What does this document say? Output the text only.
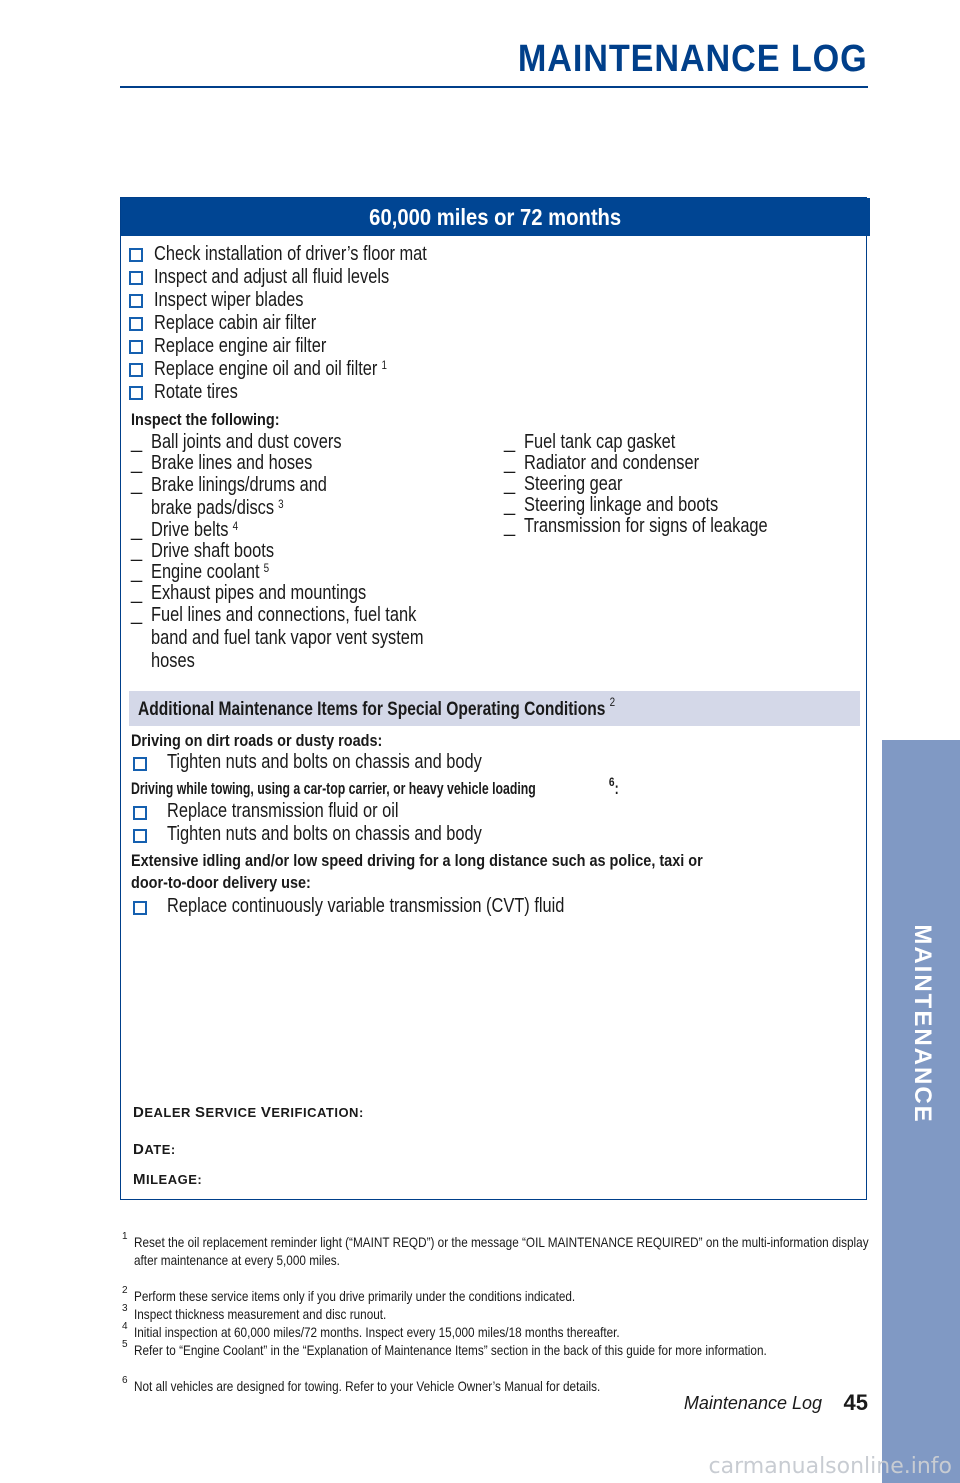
MAINTENANCE LOG
60,000 miles or 72 months
Check installation of driver’s floor mat
Inspect and adjust all fluid levels
Inspect wiper blades
Replace cabin air filter
Replace engine air filter
Replace engine oil and oil filter $^1$
Rotate tires
Inspect the following:
_ Ball joints and dust covers
_ Brake lines and hoses
_ Brake linings/drums and brake pads/discs $^3$
_ Drive belts $^4$
_ Drive shaft boots
_ Engine coolant $^5$
_ Exhaust pipes and mountings
_ Fuel lines and connections, fuel tank band and fuel tank vapor vent system hoses
_ Fuel tank cap gasket
_ Radiator and condenser
_ Steering gear
_ Steering linkage and boots
_ Transmission for signs of leakage
Additional Maintenance Items for Special Operating Conditions $^2$
Driving on dirt roads or dusty roads:
Tighten nuts and bolts on chassis and body
Driving while towing, using a car-top carrier, or heavy vehicle loading	$^6$:
Replace transmission fluid or oil
Tighten nuts and bolts on chassis and body
Extensive idling and/or low speed driving for a long distance such as police, taxi or
door-to-door delivery use:
Replace continuously variable transmission (CVT) fluid
DEALER SERVICE VERIFICATION:
DATE:
MILEAGE:
1 Reset the oil replacement reminder light (“MAINT REQD”) or the message “OIL MAINTENANCE REQUIRED” on the multi-information display after maintenance at every 5,000 miles.
2 Perform these service items only if you drive primarily under the conditions indicated.
3 Inspect thickness measurement and disc runout.
4 Initial inspection at 60,000 miles/72 months. Inspect every 15,000 miles/18 months thereafter.
5 Refer to “Engine Coolant” in the “Explanation of Maintenance Items” section in the back of this guide for more information.
6 Not all vehicles are designed for towing. Refer to your Vehicle Owner’s Manual for details.
Maintenance Log 45
MAINTENANCE
carmanualsonline.info
